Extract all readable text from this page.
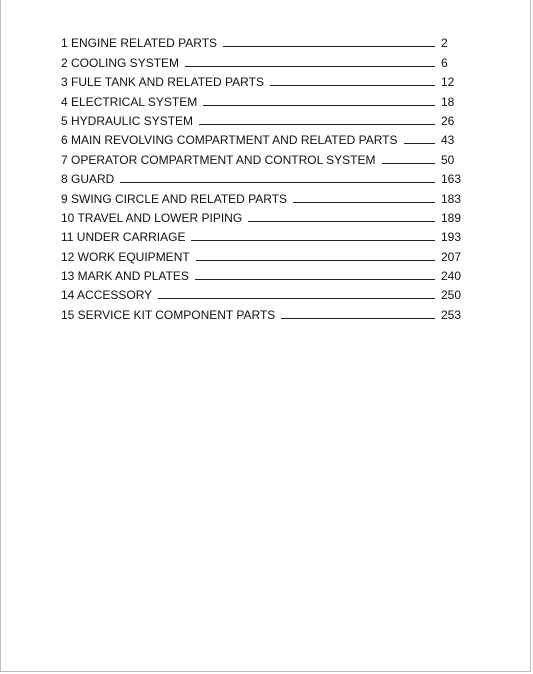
1 ENGINE RELATED PARTS	2
2 COOLING SYSTEM	6
3 FULE TANK AND RELATED PARTS	12
4 ELECTRICAL SYSTEM	18
5 HYDRAULIC SYSTEM	26
6 MAIN REVOLVING COMPARTMENT AND RELATED PARTS	43
7 OPERATOR COMPARTMENT AND CONTROL SYSTEM	50
8 GUARD	163
9 SWING CIRCLE AND RELATED PARTS	183
10 TRAVEL AND LOWER PIPING	189
11 UNDER CARRIAGE	193
12 WORK EQUIPMENT	207
13 MARK AND PLATES	240
14 ACCESSORY	250
15 SERVICE KIT COMPONENT PARTS	253
